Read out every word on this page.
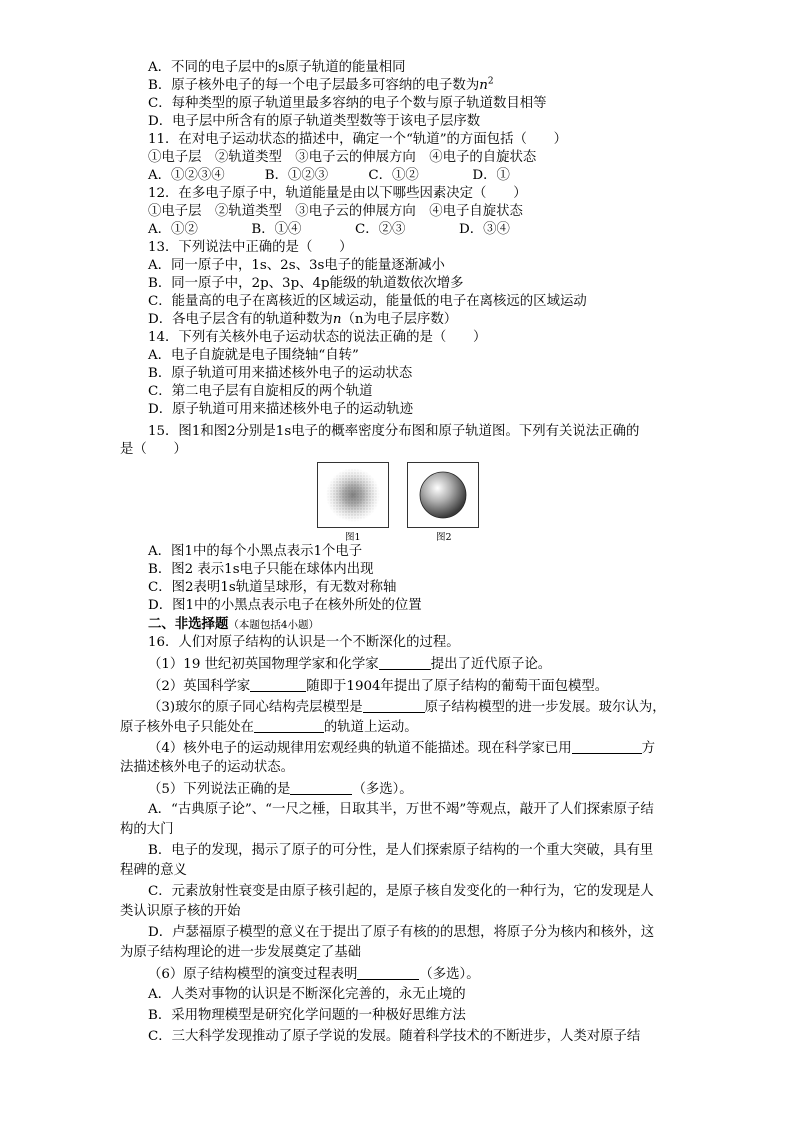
A．不同的电子层中的s原子轨道的能量相同
B．原子核外电子的每一个电子层最多可容纳的电子数为$n^2$
C．每种类型的原子轨道里最多容纳的电子个数与原子轨道数目相等
D．电子层中所含有的原子轨道类型数等于该电子层序数
11．在对电子运动状态的描述中，确定一个“轨道”的方面包括（　　）
①电子层　②轨道类型　③电子云的伸展方向　④电子的自旋状态
A．①②③④　　　B．①②③　　　C．①②　　　　D．①
12．在多电子原子中，轨道能量是由以下哪些因素决定（　　）
①电子层　②轨道类型　③电子云的伸展方向　④电子自旋状态
A．①②　　　　B．①④　　　　C．②③　　　　D．③④
13．下列说法中正确的是（　　）
A．同一原子中，1s、2s、3s电子的能量逐渐减小
B．同一原子中，2p、3p、4p能级的轨道数依次增多
C．能量高的电子在离核近的区域运动，能量低的电子在离核远的区域运动
D．各电子层含有的轨道种数为n（n为电子层序数）
14．下列有关核外电子运动状态的说法正确的是（　　）
A．电子自旋就是电子围绕轴“自转”
B．原子轨道可用来描述核外电子的运动状态
C．第二电子层有自旋相反的两个轨道
D．原子轨道可用来描述核外电子的运动轨迹
15．图1和图2分别是1s电子的概率密度分布图和原子轨道图。下列有关说法正确的
是（　　）
图1	图2
A．图1中的每个小黑点表示1个电子
B．图2 表示1s电子只能在球体内出现
C．图2表明1s轨道呈球形，有无数对称轴
D．图1中的小黑点表示电子在核外所处的位置
二、非选择题（本题包括4小题）
16．人们对原子结构的认识是一个不断深化的过程。
（1）19 世纪初英国物理学家和化学家	提出了近代原子论。
（2）英国科学家	随即于1904年提出了原子结构的葡萄干面包模型。
（3)玻尔的原子同心结构壳层模型是	原子结构模型的进一步发展。玻尔认为，
原子核外电子只能处在	的轨道上运动。
（4）核外电子的运动规律用宏观经典的轨道不能描述。现在科学家已用	方
法描述核外电子的运动状态。
（5）下列说法正确的是	（多选）。
A．“古典原子论”、“一尺之棰，日取其半，万世不竭”等观点，敲开了人们探索原子结
构的大门
B．电子的发现，揭示了原子的可分性，是人们探索原子结构的一个重大突破，具有里
程碑的意义
C．元素放射性衰变是由原子核引起的，是原子核自发变化的一种行为，它的发现是人
类认识原子核的开始
D．卢瑟福原子模型的意义在于提出了原子有核的的思想，将原子分为核内和核外，这
为原子结构理论的进一步发展奠定了基础
（6）原子结构模型的演变过程表明	（多选）。
A．人类对事物的认识是不断深化完善的，永无止境的
B．采用物理模型是研究化学问题的一种极好思维方法
C．三大科学发现推动了原子学说的发展。随着科学技术的不断进步，人类对原子结
